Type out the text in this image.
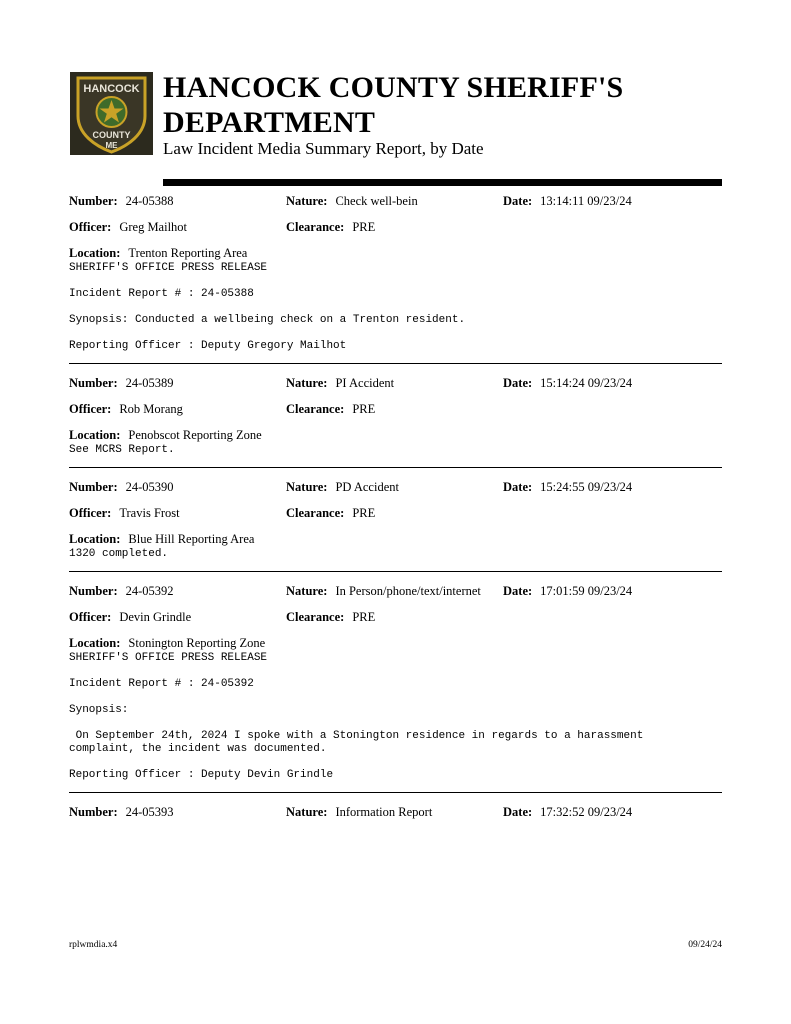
HANCOCK
COUNTY
ME
HANCOCK COUNTY SHERIFF'S
DEPARTMENT
Law Incident Media Summary Report, by Date
Number: 24-05388	Nature: Check well-bein	Date: 13:14:11 09/23/24
Officer: Greg Mailhot	Clearance: PRE
Location: Trenton Reporting Area

SHERIFF'S OFFICE PRESS RELEASE

Incident Report # : 24-05388

Synopsis: Conducted a wellbeing check on a Trenton resident.

Reporting Officer : Deputy Gregory Mailhot

Number: 24-05389	Nature: PI Accident	Date: 15:14:24 09/23/24
Officer: Rob Morang	Clearance: PRE
Location: Penobscot Reporting Zone

See MCRS Report.

Number: 24-05390	Nature: PD Accident	Date: 15:24:55 09/23/24
Officer: Travis Frost	Clearance: PRE
Location: Blue Hill Reporting Area

1320 completed.

Number: 24-05392	Nature: In Person/phone/text/internet Date: 17:01:59 09/23/24
Officer: Devin Grindle	Clearance: PRE
Location: Stonington Reporting Zone

SHERIFF'S OFFICE PRESS RELEASE

Incident Report # : 24-05392

Synopsis:

On September 24th, 2024 I spoke with a Stonington residence in regards to a harassment
complaint, the incident was documented.

Reporting Officer : Deputy Devin Grindle

Number: 24-05393	Nature: Information Report	Date: 17:32:52 09/23/24
rplwmdia.x4	09/24/24
